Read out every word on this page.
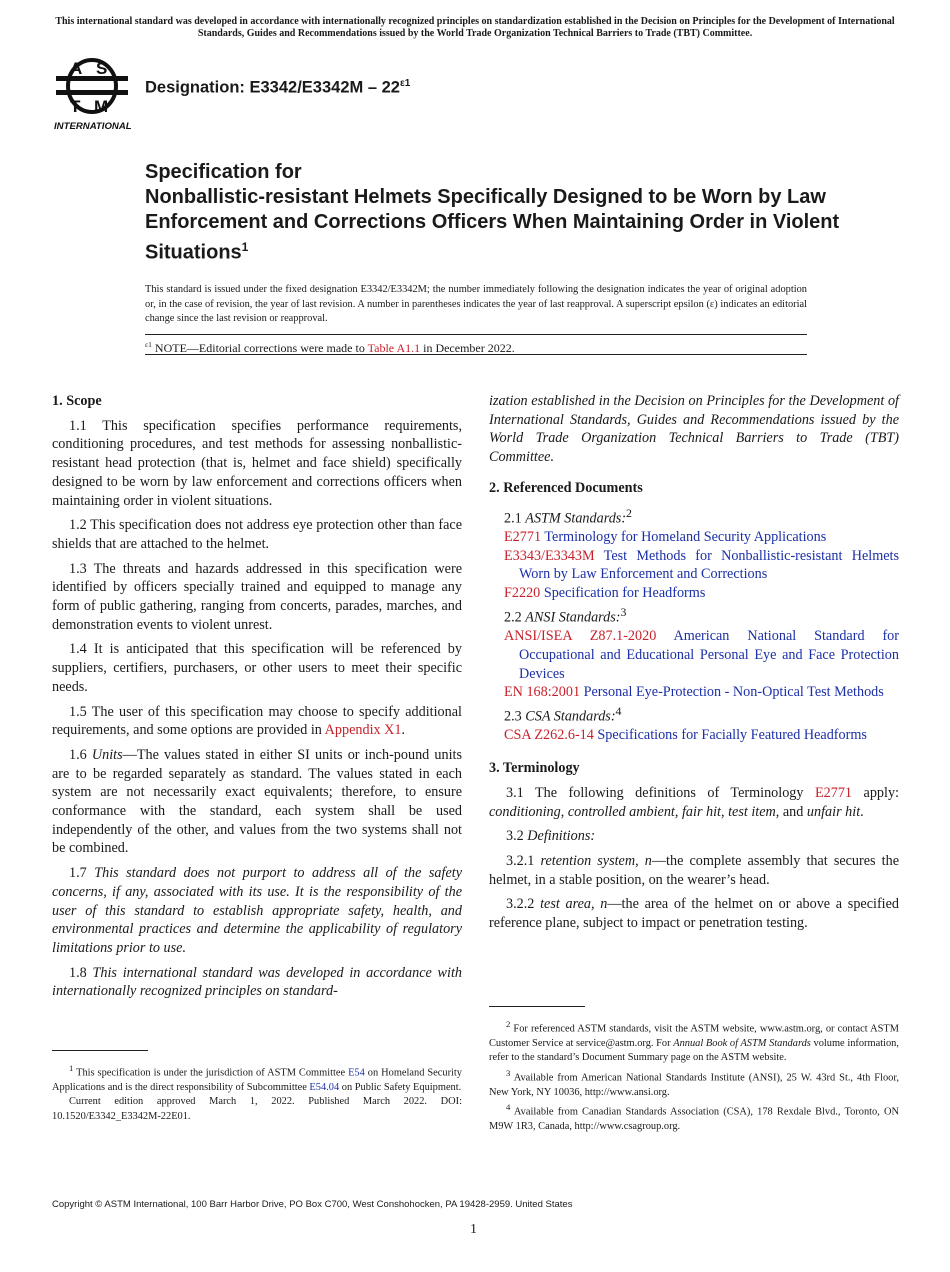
This international standard was developed in accordance with internationally recognized principles on standardization established in the Decision on Principles for the Development of International Standards, Guides and Recommendations issued by the World Trade Organization Technical Barriers to Trade (TBT) Committee.
A S
T M
INTERNATIONAL
Designation: $E3342/E3342M - 22^{\varepsilon 1}$
Specification for
Nonballistic-resistant Helmets Specifically Designed to be Worn by Law Enforcement and Corrections Officers When Maintaining Order in Violent Situations$^1$
This standard is issued under the fixed designation E3342/E3342M; the number immediately following the designation indicates the year of original adoption or, in the case of revision, the year of last revision. A number in parentheses indicates the year of last reapproval. A superscript epsilon (ε) indicates an editorial change since the last revision or reapproval.
$^{\varepsilon 1}$ NOTE—Editorial corrections were made to Table A1.1 in December 2022.

1. Scope

1.1 This specification specifies performance requirements, conditioning procedures, and test methods for assessing nonballistic-resistant head protection (that is, helmet and face shield) specifically designed to be worn by law enforcement and corrections officers when maintaining order in violent situations.

1.2 This specification does not address eye protection other than face shields that are attached to the helmet.

1.3 The threats and hazards addressed in this specification were identified by officers specially trained and equipped to manage any form of public gathering, ranging from concerts, parades, marches, and demonstration events to violent unrest.

1.4 It is anticipated that this specification will be referenced by suppliers, certifiers, purchasers, or other users to meet their specific needs.

1.5 The user of this specification may choose to specify additional requirements, and some options are provided in Appendix X1.

1.6 Units—The values stated in either SI units or inch-pound units are to be regarded separately as standard. The values stated in each system are not necessarily exact equivalents; therefore, to ensure conformance with the standard, each system shall be used independently of the other, and values from the two systems shall not be combined.

1.7 This standard does not purport to address all of the safety concerns, if any, associated with its use. It is the responsibility of the user of this standard to establish appropriate safety, health, and environmental practices and determine the applicability of regulatory limitations prior to use.

1.8 This international standard was developed in accordance with internationally recognized principles on standard-

$^1$ This specification is under the jurisdiction of ASTM Committee E54 on Homeland Security Applications and is the direct responsibility of Subcommittee E54.04 on Public Safety Equipment.

Current edition approved March 1, 2022. Published March 2022. DOI: 10.1520/E3342_E3342M-22E01.

ization established in the Decision on Principles for the Development of International Standards, Guides and Recommendations issued by the World Trade Organization Technical Barriers to Trade (TBT) Committee.

2. Referenced Documents

2.1 ASTM Standards:$^2$

E2771 Terminology for Homeland Security Applications

E3343/E3343M Test Methods for Nonballistic-resistant Helmets Worn by Law Enforcement and Corrections

F2220 Specification for Headforms

2.2 ANSI Standards:$^3$

ANSI/ISEA Z87.1-2020 American National Standard for Occupational and Educational Personal Eye and Face Protection Devices

EN 168:2001 Personal Eye-Protection - Non-Optical Test Methods

2.3 CSA Standards:$^4$

CSA Z262.6-14 Specifications for Facially Featured Headforms

3. Terminology

3.1 The following definitions of Terminology E2771 apply: conditioning, controlled ambient, fair hit, test item, and unfair hit.

3.2 Definitions:

3.2.1 retention system, n—the complete assembly that secures the helmet, in a stable position, on the wearer’s head.

3.2.2 test area, n—the area of the helmet on or above a specified reference plane, subject to impact or penetration testing.

$^2$ For referenced ASTM standards, visit the ASTM website, www.astm.org, or contact ASTM Customer Service at service@astm.org. For Annual Book of ASTM Standards volume information, refer to the standard’s Document Summary page on the ASTM website.

$^3$ Available from American National Standards Institute (ANSI), 25 W. 43rd St., 4th Floor, New York, NY 10036, http://www.ansi.org.

$^4$ Available from Canadian Standards Association (CSA), 178 Rexdale Blvd., Toronto, ON M9W 1R3, Canada, http://www.csagroup.org.

Copyright © ASTM International, 100 Barr Harbor Drive, PO Box C700, West Conshohocken, PA 19428-2959. United States
1
